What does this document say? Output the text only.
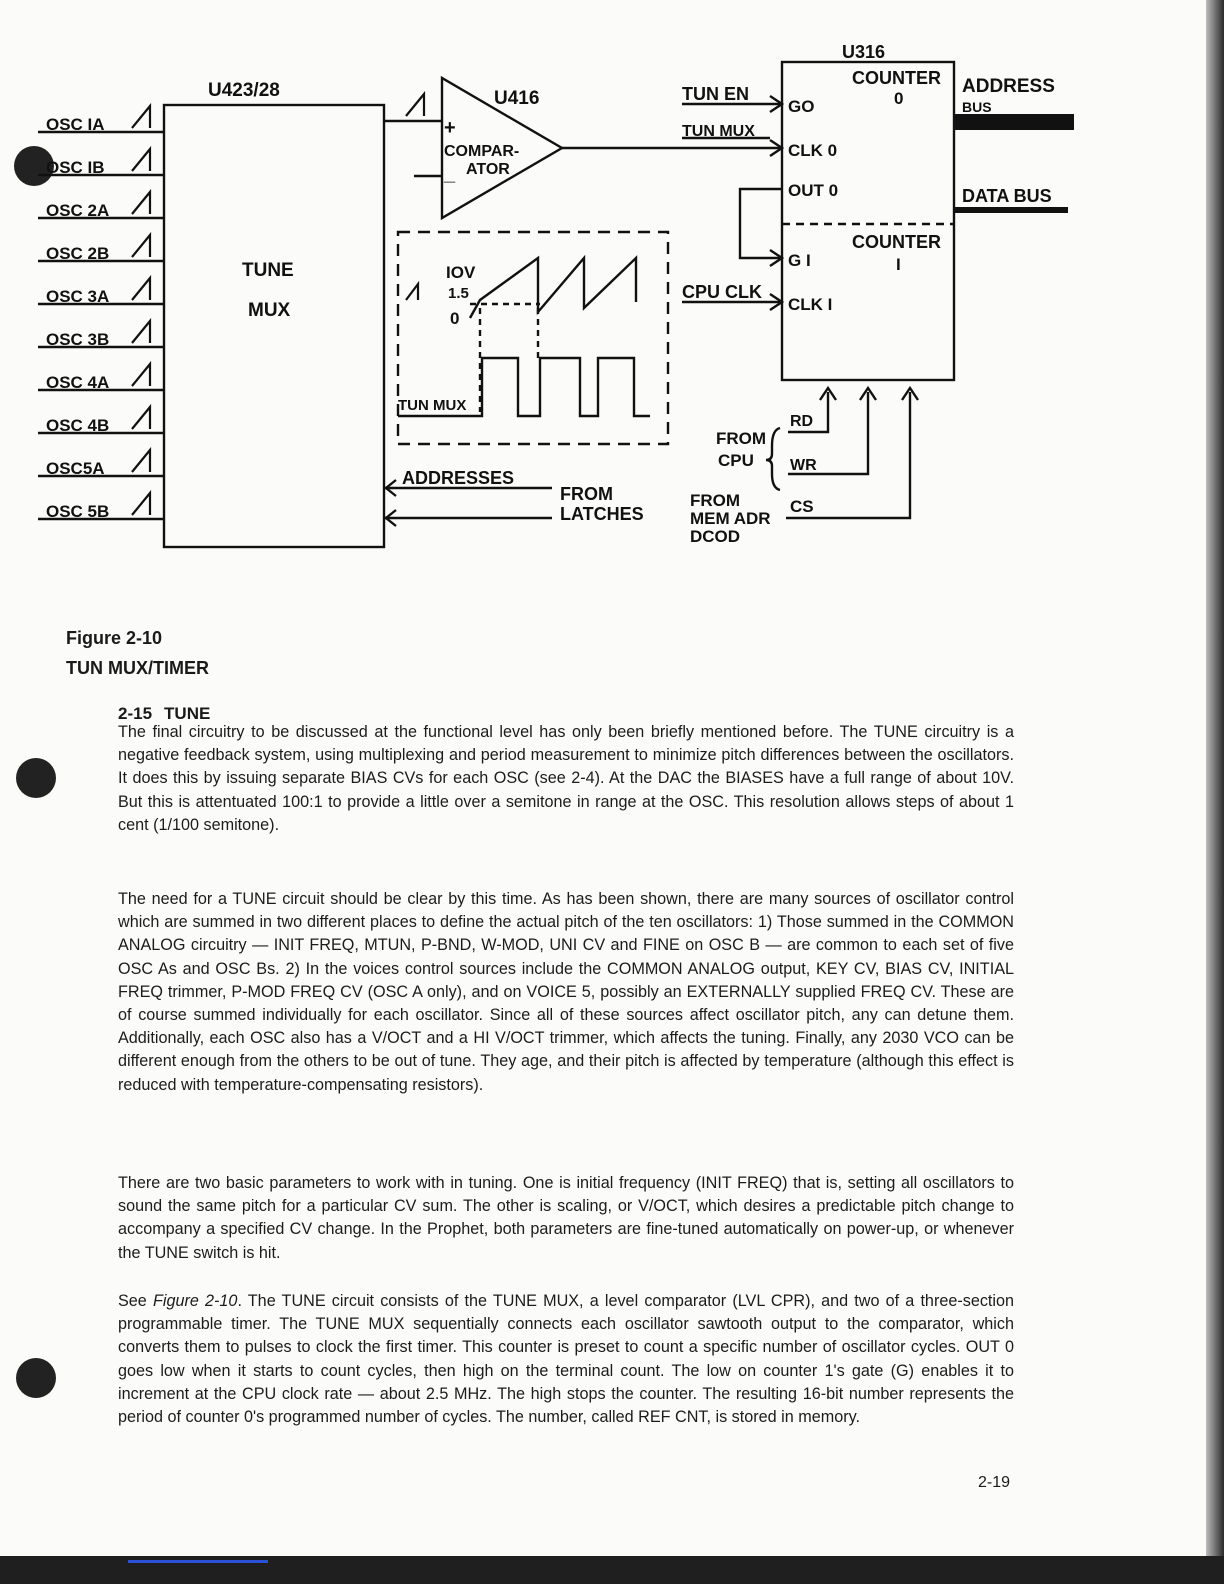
U423/28
TUNE
MUX
U416
+
_
COMPAR-
ATOR
U316
COUNTER
0
COUNTER
I
GO
CLK 0
OUT 0
G I
CLK I
OSC IA
OSC IB
OSC 2A
OSC 2B
OSC 3A
OSC 3B
OSC 4A
OSC 4B
OSC5A
OSC 5B
TUN EN
TUN MUX
CPU CLK
ADDRESS
BUS
DATA BUS
IOV
1.5
0
TUN MUX
ADDRESSES
FROM
LATCHES
FROM
CPU
RD
WR
FROM
MEM ADR
DCOD
CS
Figure 2-10
TUN MUX/TIMER
2-15 TUNE

The final circuitry to be discussed at the functional level has only been briefly mentioned before. The TUNE circuitry is a negative feedback system, using multiplexing and period measurement to minimize pitch differences between the oscillators. It does this by issuing separate BIAS CVs for each OSC (see 2-4). At the DAC the BIASES have a full range of about 10V. But this is attentuated 100:1 to provide a little over a semitone in range at the OSC. This resolution allows steps of about 1 cent (1/100 semitone).

The need for a TUNE circuit should be clear by this time. As has been shown, there are many sources of oscillator control which are summed in two different places to define the actual pitch of the ten oscillators: 1) Those summed in the COMMON ANALOG circuitry — INIT FREQ, MTUN, P-BND, W-MOD, UNI CV and FINE on OSC B — are common to each set of five OSC As and OSC Bs. 2) In the voices control sources include the COMMON ANALOG output, KEY CV, BIAS CV, INITIAL FREQ trimmer, P-MOD FREQ CV (OSC A only), and on VOICE 5, possibly an EXTERNALLY supplied FREQ CV. These are of course summed individually for each oscillator. Since all of these sources affect oscillator pitch, any can detune them. Additionally, each OSC also has a V/OCT and a HI V/OCT trimmer, which affects the tuning. Finally, any 2030 VCO can be different enough from the others to be out of tune. They age, and their pitch is affected by temperature (although this effect is reduced with temperature-compensating resistors).

There are two basic parameters to work with in tuning. One is initial frequency (INIT FREQ) that is, setting all oscillators to sound the same pitch for a particular CV sum. The other is scaling, or V/OCT, which desires a predictable pitch change to accompany a specified CV change. In the Prophet, both parameters are fine-tuned automatically on power-up, or whenever the TUNE switch is hit.

See Figure 2-10. The TUNE circuit consists of the TUNE MUX, a level comparator (LVL CPR), and two of a three-section programmable timer. The TUNE MUX sequentially connects each oscillator sawtooth output to the comparator, which converts them to pulses to clock the first timer. This counter is preset to count a specific number of oscillator cycles. OUT 0 goes low when it starts to count cycles, then high on the terminal count. The low on counter 1's gate (G) enables it to increment at the CPU clock rate — about 2.5 MHz. The high stops the counter. The resulting 16-bit number represents the period of counter 0's programmed number of cycles. The number, called REF CNT, is stored in memory.

2-19
